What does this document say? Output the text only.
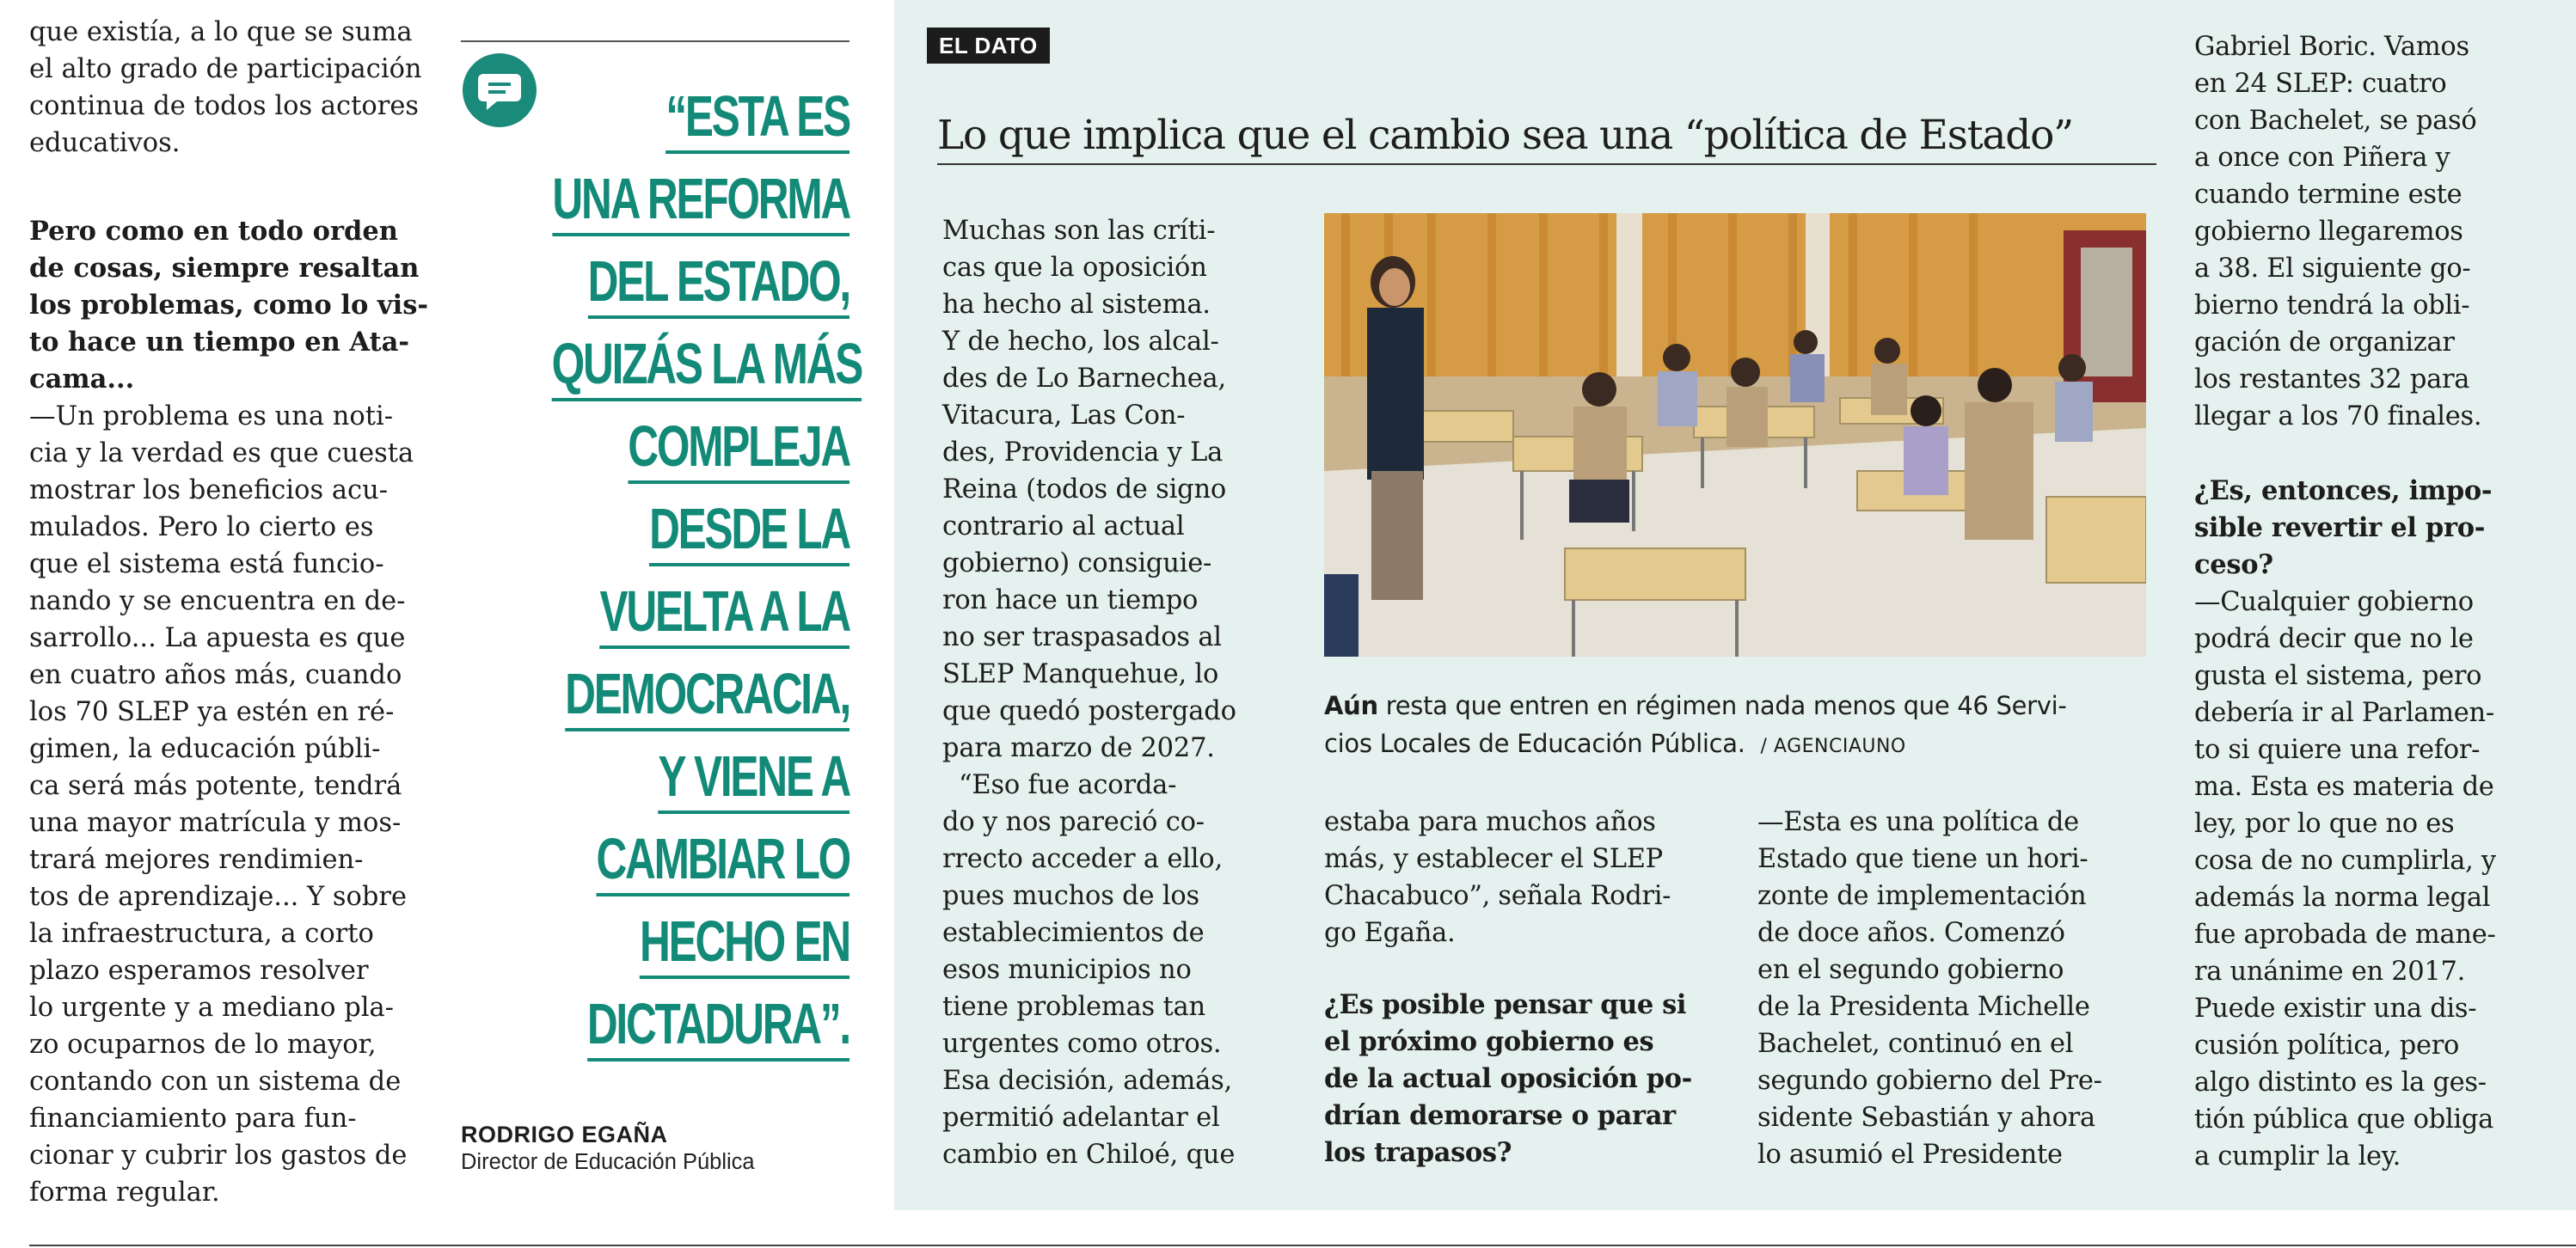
que existía, a lo que se suma
el alto grado de participación
continua de todos los actores
educativos.
Pero como en todo orden
de cosas, siempre resaltan
los problemas, como lo vis-
to hace un tiempo en Ata-
cama...
—Un problema es una noti-
cia y la verdad es que cuesta
mostrar los beneficios acu-
mulados. Pero lo cierto es
que el sistema está funcio-
nando y se encuentra en de-
sarrollo... La apuesta es que
en cuatro años más, cuando
los 70 SLEP ya estén en ré-
gimen, la educación públi-
ca será más potente, tendrá
una mayor matrícula y mos-
trará mejores rendimien-
tos de aprendizaje... Y sobre
la infraestructura, a corto
plazo esperamos resolver
lo urgente y a mediano pla-
zo ocuparnos de lo mayor,
contando con un sistema de
financiamiento para fun-
cionar y cubrir los gastos de
forma regular.
“ESTA ES
UNA REFORMA
DEL ESTADO,
QUIZÁS LA MÁS
COMPLEJA
DESDE LA
VUELTA A LA
DEMOCRACIA,
Y VIENE A
CAMBIAR LO
HECHO EN
DICTADURA”.
RODRIGO EGAÑA
Director de Educación Pública
EL DATO
Lo que implica que el cambio sea una “política de Estado”
Muchas son las críti-
cas que la oposición
ha hecho al sistema.
Y de hecho, los alcal-
des de Lo Barnechea,
Vitacura, Las Con-
des, Providencia y La
Reina (todos de signo
contrario al actual
gobierno) consiguie-
ron hace un tiempo
no ser traspasados al
SLEP Manquehue, lo
que quedó postergado
para marzo de 2027.
“Eso fue acorda-
do y nos pareció co-
rrecto acceder a ello,
pues muchos de los
establecimientos de
esos municipios no
tiene problemas tan
urgentes como otros.
Esa decisión, además,
permitió adelantar el
cambio en Chiloé, que
Aún resta que entren en régimen nada menos que 46 Servi-
cios Locales de Educación Pública. / AGENCIAUNO
estaba para muchos años
más, y establecer el SLEP
Chacabuco”, señala Rodri-
go Egaña.
¿Es posible pensar que si
el próximo gobierno es
de la actual oposición po-
drían demorarse o parar
los trapasos?
—Esta es una política de
Estado que tiene un hori-
zonte de implementación
de doce años. Comenzó
en el segundo gobierno
de la Presidenta Michelle
Bachelet, continuó en el
segundo gobierno del Pre-
sidente Sebastián y ahora
lo asumió el Presidente
Gabriel Boric. Vamos
en 24 SLEP: cuatro
con Bachelet, se pasó
a once con Piñera y
cuando termine este
gobierno llegaremos
a 38. El siguiente go-
bierno tendrá la obli-
gación de organizar
los restantes 32 para
llegar a los 70 finales.
¿Es, entonces, impo-
sible revertir el pro-
ceso?
—Cualquier gobierno
podrá decir que no le
gusta el sistema, pero
debería ir al Parlamen-
to si quiere una refor-
ma. Esta es materia de
ley, por lo que no es
cosa de no cumplirla, y
además la norma legal
fue aprobada de mane-
ra unánime en 2017.
Puede existir una dis-
cusión política, pero
algo distinto es la ges-
tión pública que obliga
a cumplir la ley.
